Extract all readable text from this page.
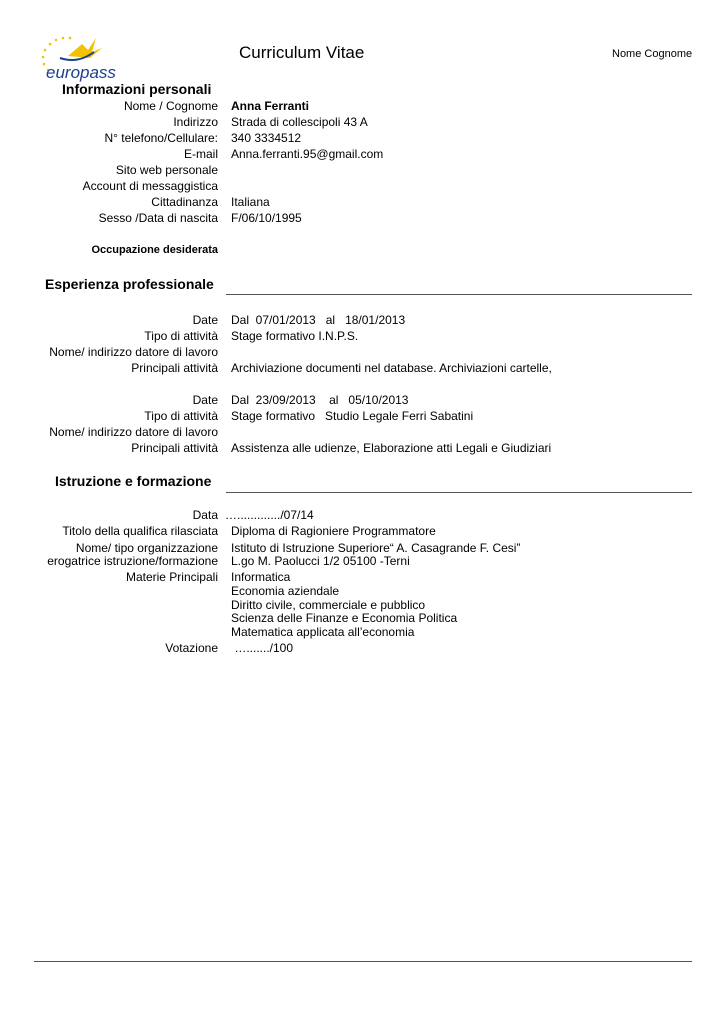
europass
Curriculum Vitae	Nome Cognome
Informazioni personali
Nome / Cognome Anna Ferranti
Indirizzo Strada di collescipoli 43 A
N° telefono/Cellulare: 340 3334512
E-mail Anna.ferranti.95@gmail.com
Sito web personale
Account di messaggistica
Cittadinanza Italiana
Sesso /Data di nascita F/06/10/1995
Occupazione desiderata
Esperienza professionale
Date Dal  07/01/2013   al   18/01/2013
Tipo di attività Stage formativo I.N.P.S.
Nome/ indirizzo datore di lavoro
Principali attività Archiviazione documenti nel database. Archiviazioni cartelle,
Date Dal  23/09/2013    al   05/10/2013
Tipo di attività Stage formativo   Studio Legale Ferri Sabatini
Nome/ indirizzo datore di lavoro
Principali attività Assistenza alle udienze, Elaborazione atti Legali e Giudiziari
Istruzione e formazione
Data …............./07/14
Titolo della qualifica rilasciata Diploma di Ragioniere Programmatore
Nome/ tipo organizzazione Istituto di Istruzione Superiore“ A. Casagrande F. Cesi”
erogatrice istruzione/formazione L.go M. Paolucci 1/2 05100 -Terni
Materie Principali Informatica
Economia aziendale
Diritto civile, commerciale e pubblico
Scienza delle Finanze e Economia Politica
Matematica applicata all’economia
Votazione …......./100
